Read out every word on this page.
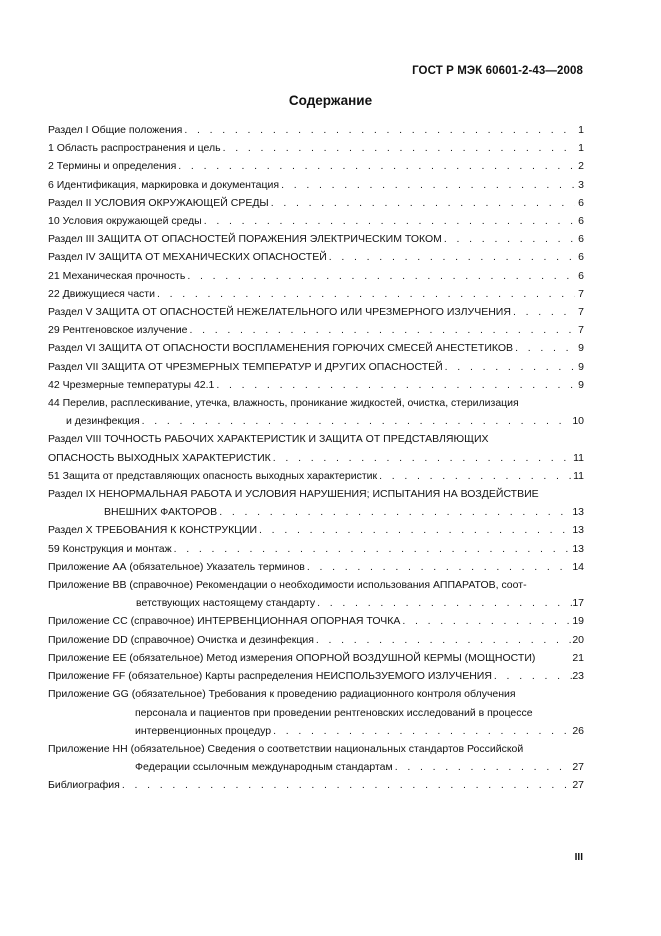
ГОСТ Р МЭК 60601-2-43—2008
Содержание
Раздел I Общие положения . . .	1
1 Область распространения и цель . . .	1
2 Термины и определения . . .	2
6 Идентификация, маркировка и документация . . .	3
Раздел II УСЛОВИЯ ОКРУЖАЮЩЕЙ СРЕДЫ . . .	6
10 Условия окружающей среды . . .	6
Раздел III ЗАЩИТА ОТ ОПАСНОСТЕЙ ПОРАЖЕНИЯ ЭЛЕКТРИЧЕСКИМ ТОКОМ . . .	6
Раздел IV ЗАЩИТА ОТ МЕХАНИЧЕСКИХ ОПАСНОСТЕЙ . . .	6
21 Механическая прочность . . .	6
22 Движущиеся части . . .	7
Раздел V ЗАЩИТА ОТ ОПАСНОСТЕЙ НЕЖЕЛАТЕЛЬНОГО ИЛИ ЧРЕЗМЕРНОГО ИЗЛУЧЕНИЯ . . .	7
29 Рентгеновское излучение . . .	7
Раздел VI ЗАЩИТА ОТ ОПАСНОСТИ ВОСПЛАМЕНЕНИЯ ГОРЮЧИХ СМЕСЕЙ АНЕСТЕТИКОВ . . .	9
Раздел VII ЗАЩИТА ОТ ЧРЕЗМЕРНЫХ ТЕМПЕРАТУР И ДРУГИХ ОПАСНОСТЕЙ . . .	9
42 Чрезмерные температуры 42.1 . . .	9
44 Перелив, расплескивание, утечка, влажность, проникание жидкостей, очистка, стерилизация
и дезинфекция . . .	10
Раздел VIII ТОЧНОСТЬ РАБОЧИХ ХАРАКТЕРИСТИК И ЗАЩИТА ОТ ПРЕДСТАВЛЯЮЩИХ
ОПАСНОСТЬ ВЫХОДНЫХ ХАРАКТЕРИСТИК . . .	11
51 Защита от представляющих опасность выходных характеристик . . .	11
Раздел IX НЕНОРМАЛЬНАЯ РАБОТА И УСЛОВИЯ НАРУШЕНИЯ; ИСПЫТАНИЯ НА ВОЗДЕЙСТВИЕ
ВНЕШНИХ ФАКТОРОВ . . .	13
Раздел X ТРЕБОВАНИЯ К КОНСТРУКЦИИ . . .	13
59 Конструкция и монтаж . . .	13
Приложение АА (обязательное) Указатель терминов . . .	14
Приложение ВВ (справочное) Рекомендации о необходимости использования АППАРАТОВ, соот-
ветствующих настоящему стандарту . . .	17
Приложение СС (справочное) ИНТЕРВЕНЦИОННАЯ ОПОРНАЯ ТОЧКА . . .	19
Приложение DD (справочное) Очистка и дезинфекция . . .	20
Приложение ЕЕ (обязательное) Метод измерения ОПОРНОЙ ВОЗДУШНОЙ КЕРМЫ (МОЩНОСТИ)	21
Приложение FF (обязательное) Карты распределения НЕИСПОЛЬЗУЕМОГО ИЗЛУЧЕНИЯ . . .	23
Приложение GG (обязательное) Требования к проведению радиационного контроля облучения
персонала и пациентов при проведении рентгеновских исследований в процессе
интервенционных процедур . . .	26
Приложение НН (обязательное) Сведения о соответствии национальных стандартов Российской
Федерации ссылочным международным стандартам . . .	27
Библиография . . .	27
III
